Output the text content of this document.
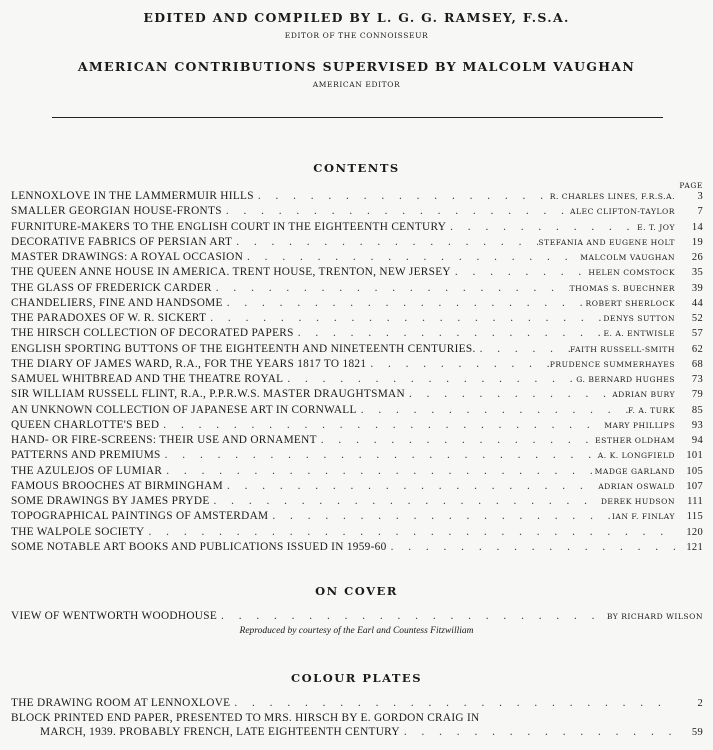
EDITED AND COMPILED BY L. G. G. RAMSEY, F.S.A.
EDITOR OF THE CONNOISSEUR
AMERICAN CONTRIBUTIONS SUPERVISED BY MALCOLM VAUGHAN
AMERICAN EDITOR
CONTENTS
PAGE
LENNOXLOVE IN THE LAMMERMUIR HILLS . . .	R. CHARLES LINES, F.R.S.A.	3
SMALLER GEORGIAN HOUSE-FRONTS . . .	ALEC CLIFTON-TAYLOR	7
FURNITURE-MAKERS TO THE ENGLISH COURT IN THE EIGHTEENTH CENTURY . . .	E. T. JOY	14
DECORATIVE FABRICS OF PERSIAN ART . . .	STEFANIA AND EUGENE HOLT	19
MASTER DRAWINGS: A ROYAL OCCASION . . .	MALCOLM VAUGHAN	26
THE QUEEN ANNE HOUSE IN AMERICA. TRENT HOUSE, TRENTON, NEW JERSEY . . .	HELEN COMSTOCK	35
THE GLASS OF FREDERICK CARDER . . .	THOMAS S. BUECHNER	39
CHANDELIERS, FINE AND HANDSOME . . .	ROBERT SHERLOCK	44
THE PARADOXES OF W. R. SICKERT . . .	DENYS SUTTON	52
THE HIRSCH COLLECTION OF DECORATED PAPERS . . .	E. A. ENTWISLE	57
ENGLISH SPORTING BUTTONS OF THE EIGHTEENTH AND NINETEENTH CENTURIES. . . .	FAITH RUSSELL-SMITH	62
THE DIARY OF JAMES WARD, R.A., FOR THE YEARS 1817 TO 1821 . . .	PRUDENCE SUMMERHAYES	68
SAMUEL WHITBREAD AND THE THEATRE ROYAL . . .	G. BERNARD HUGHES	73
SIR WILLIAM RUSSELL FLINT, R.A., P.P.R.W.S. MASTER DRAUGHTSMAN . . .	ADRIAN BURY	79
AN UNKNOWN COLLECTION OF JAPANESE ART IN CORNWALL . . .	F. A. TURK	85
QUEEN CHARLOTTE'S BED . . .	MARY PHILLIPS	93
HAND- OR FIRE-SCREENS: THEIR USE AND ORNAMENT . . .	ESTHER OLDHAM	94
PATTERNS AND PREMIUMS . . .	A. K. LONGFIELD	101
THE AZULEJOS OF LUMIAR . . .	MADGE GARLAND	105
FAMOUS BROOCHES AT BIRMINGHAM . . .	ADRIAN OSWALD	107
SOME DRAWINGS BY JAMES PRYDE . . .	DEREK HUDSON	111
TOPOGRAPHICAL PAINTINGS OF AMSTERDAM . . .	IAN F. FINLAY	115
THE WALPOLE SOCIETY . . .	120
SOME NOTABLE ART BOOKS AND PUBLICATIONS ISSUED IN 1959-60 . . .	121
ON COVER
VIEW OF WENTWORTH WOODHOUSE . . .	BY RICHARD WILSON
Reproduced by courtesy of the Earl and Countess Fitzwilliam
COLOUR PLATES
THE DRAWING ROOM AT LENNOXLOVE . . .	2
BLOCK PRINTED END PAPER, PRESENTED TO MRS. HIRSCH BY E. GORDON CRAIG IN
MARCH, 1939. PROBABLY FRENCH, LATE EIGHTEENTH CENTURY . . .	59
